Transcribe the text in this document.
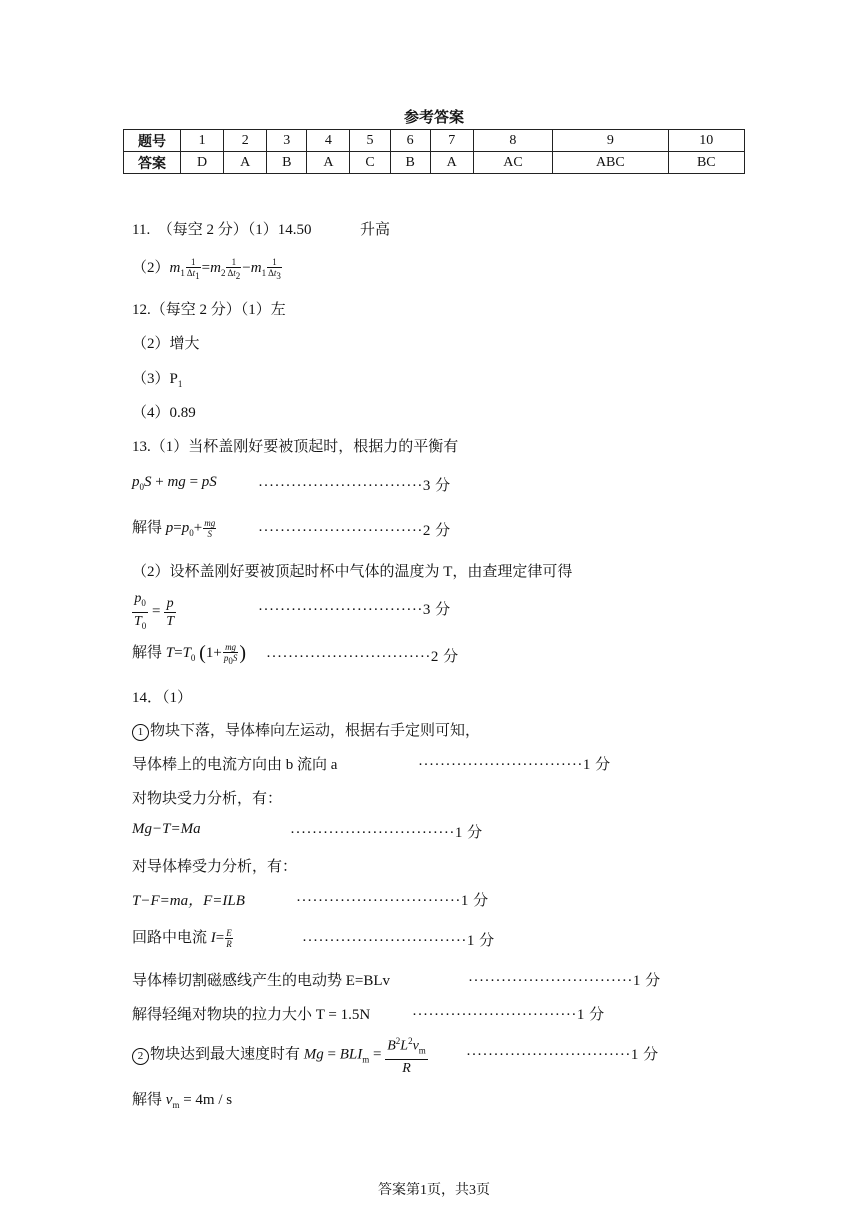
参考答案
题号	1	2	3	4	5	6	7	8	9	10
答案	D	A	B	A	C	B	A	AC	ABC	BC
11.　（每空 2 分）（1）14.50	升高
$(2)m_1 \frac{1}{\Delta t_1} =m_2 \frac{1}{\Delta t_2} -m_1 \frac{1}{\Delta t_3}$
12.（每空 2 分）（1）左
（2）增大
$(3)P_1$
（4）0.89
13.（1）当杯盖刚好要被顶起时，根据力的平衡有
$p_0S$ + mg = pS	······························3 分
解得 $p=p_0+ \frac{mg}{S}$	······························2 分
（2）设杯盖刚好要被顶起时杯中气体的温度为 T，由查理定律可得
$\frac{p_0}{T_0} = \frac{p}{T}$	······························3 分
解得 $T=T_0$ ($1+ \frac{mg}{p_0S}$ ) ······························2 分
14．（1）
1 物块下落，导体棒向左运动，根据右手定则可知，
导体棒上的电流方向由 b 流向 a	······························1 分
对物块受力分析，有：
Mg−T=Ma	······························1 分
对导体棒受力分析，有：
T−F=ma，F=ILB	······························1 分
回路中电流 $I= \frac{E}{R}$	······························1 分
导体棒切割磁感线产生的电动势 E=BLv	······························1 分
解得轻绳对物块的拉力大小 T = 1.5N	······························1 分
2 物块达到最大速度时有 $Mg = BLI_m = \frac{B^2L^2v_m}{R}$	······························1 分
解得 $v_m = 4m / s$
答案第1页，共3页
